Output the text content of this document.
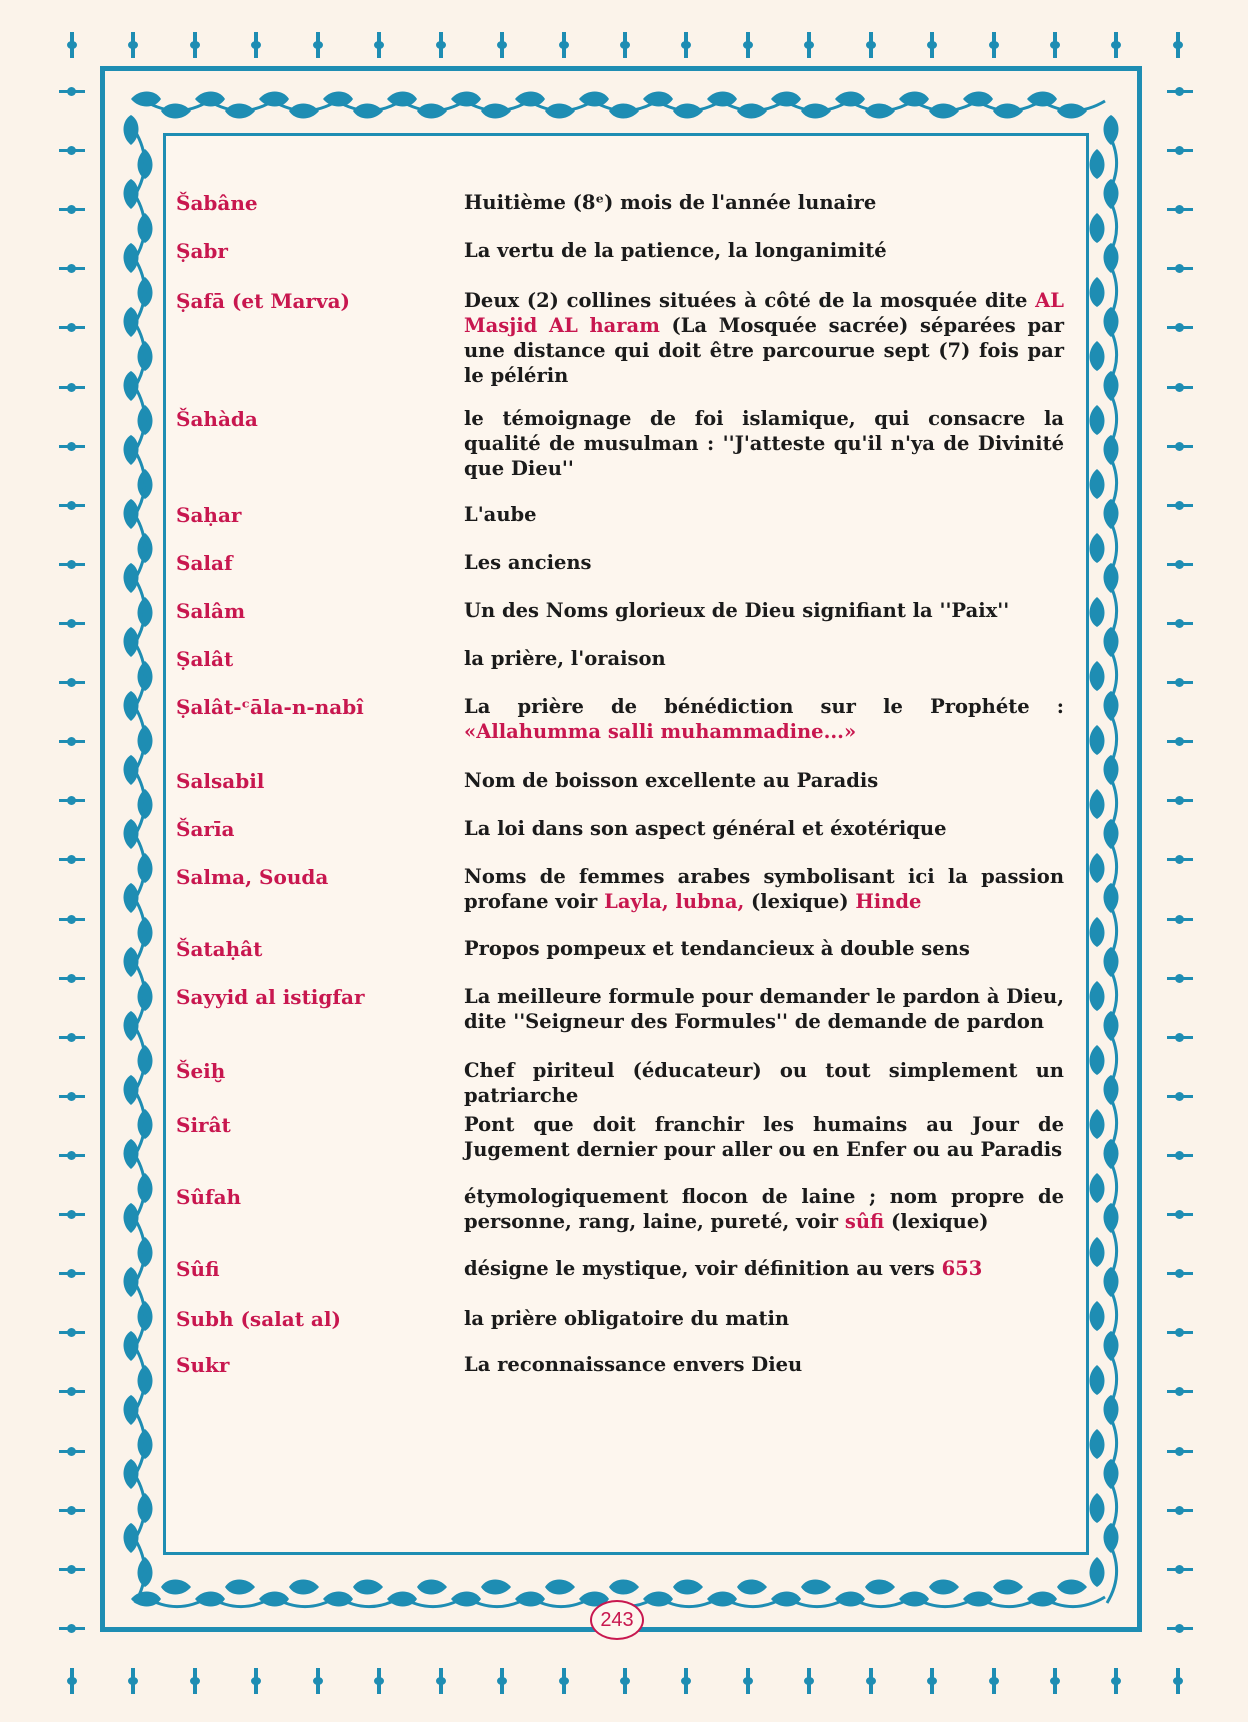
Šabâne	Huitième (8ᵉ) mois de l'année lunaire
Ṣabr	La vertu de la patience, la longanimité
Ṣafā (et Marva)	Deux (2) collines situées à côté de la mosquée dite AL Masjid AL haram (La Mosquée sacrée) séparées par une distance qui doit être parcourue sept (7) fois par le pélérin
Šahàda	le témoignage de foi islamique, qui consacre la qualité de musulman : ''J'atteste qu'il n'ya de Divinité que Dieu''
Saḥar	L'aube
Salaf	Les anciens
Salâm	Un des Noms glorieux de Dieu signifiant la ''Paix''
Ṣalât	la prière, l'oraison
Ṣalât-ᶜāla-n-nabî	La prière de bénédiction sur le Prophéte : «Allahumma salli muhammadine...»
Salsabil	Nom de boisson excellente au Paradis
Šarīa	La loi dans son aspect général et éxotérique
Salma, Souda	Noms de femmes arabes symbolisant ici la passion profane voir Layla, lubna, (lexique) Hinde
Šataḥât	Propos pompeux et tendancieux à double sens
Sayyid al istigfar	La meilleure formule pour demander le pardon à Dieu, dite ''Seigneur des Formules'' de demande de pardon
Šeiḫ	Chef piriteul (éducateur) ou tout simplement un patriarche
Sirât	Pont que doit franchir les humains au Jour de Jugement dernier pour aller ou en Enfer ou au Paradis
Sûfah	étymologiquement flocon de laine ; nom propre de personne, rang, laine, pureté, voir sûfi (lexique)
Sûfi	désigne le mystique, voir définition au vers 653
Subh (salat al)	la prière obligatoire du matin
Sukr	La reconnaissance envers Dieu
243
